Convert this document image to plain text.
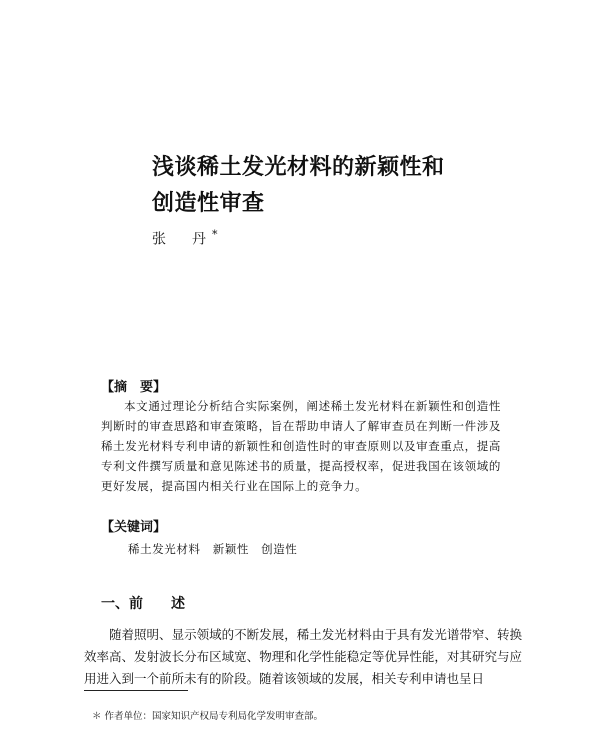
浅谈稀土发光材料的新颖性和
创造性审查
张　丹*
【摘　要】
本文通过理论分析结合实际案例，阐述稀土发光材料在新颖性和创造性判断时的审查思路和审查策略，旨在帮助申请人了解审查员在判断一件涉及稀土发光材料专利申请的新颖性和创造性时的审查原则以及审查重点，提高专利文件撰写质量和意见陈述书的质量，提高授权率，促进我国在该领域的更好发展，提高国内相关行业在国际上的竞争力。
【关键词】
稀土发光材料　新颖性　创造性
一、前　　述
随着照明、显示领域的不断发展，稀土发光材料由于具有发光谱带窄、转换效率高、发射波长分布区域宽、物理和化学性能稳定等优异性能，对其研究与应用进入到一个前所未有的阶段。随着该领域的发展，相关专利申请也呈日
＊ 作者单位：国家知识产权局专利局化学发明审查部。
